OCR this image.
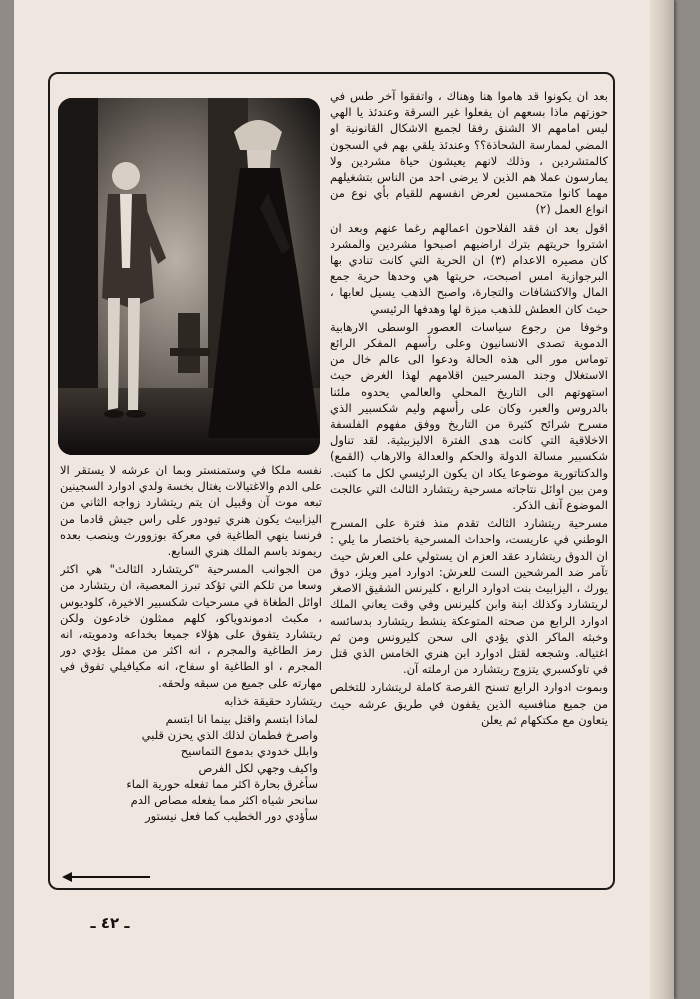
بعد ان يكونوا قد هاموا هنا وهناك ، واتفقوا آخر طس في حوزتهم ماذا بسعهم ان يفعلوا غير السرقة وعندئذ يا الهي ليس امامهم الا الشنق رفقا لجميع الاشكال القانونية او المضي لممارسة الشحاذة؟؟ وعندئذ يلقي بهم في السجون كالمتشردين ، وذلك لانهم يعيشون حياة مشردين ولا يمارسون عملا هم الذين لا يرضى احد من الناس بتشغيلهم مهما كانوا متحمسين لعرض انفسهم للقيام بأي نوع من انواع العمل (٢)

اقول بعد ان فقد الفلاحون اعمالهم رغما عنهم وبعد ان اشتروا حريتهم بترك اراضيهم اصبحوا مشردين والمشرد كان مصيره الاعدام (٣) ان الحرية التي كانت تنادي بها البرجوازية امس اصبحت، حريتها هي وحدها حرية جمع المال والاكتشافات والتجارة، واصبح الذهب يسيل لعابها ، حيث كان العطش للذهب ميزة لها وهدفها الرئيسي

وخوفا من رجوع سياسات العصور الوسطى الارهابية الدموية تصدى الانسانيون وعلى رأسهم المفكر الرائع توماس مور الى هذه الحالة ودعوا الى عالم خال من الاستغلال وجند المسرحيين اقلامهم لهذا الغرض حيث استهوتهم الى التاريخ المحلي والعالمي يحدوه ملئنا بالدروس والعبر، وكان على رأسهم وليم شكسبير الذي مسرح شرائح كثيرة من التاريخ ووفق مفهوم الفلسفة الاخلاقية التي كانت هدى الفترة الاليزبيثية. لقد تناول شكسبير مسالة الدولة والحكم والعدالة والارهاب (القمع) والدكتاتورية موضوعا يكاد ان يكون الرئيسي لكل ما كتبت. ومن بين اوائل نتاجاته مسرحية ريتشارد الثالث التي عالجت الموضوع آنف الذكر.

مسرحية ريتشارد الثالث تقدم منذ فترة على المسرح الوطني في عاريست، واحداث المسرحية باختصار ما يلي : ان الدوق ريتشارد عقد العزم ان يستولي على العرش حيث تآمر ضد المرشحين الست للعرش: ادوارد امير ويلز، دوق يورك ، اليزابيث بنت ادوارد الرابع ، كليرنس الشقيق الاصغر لريتشارد وكذلك ابنة وابن كليرنس وفي وقت يعاني الملك ادوارد الرابع من صحته المتوعكة ينشط ريتشارد بدسائسه وخبثه الماكر الذي يؤدي الى سحن كليرونس ومن ثم اغتياله. وشجعه لقتل ادوارد ابن هنري الخامس الذي قتل في تاوكسبري يتزوج ريتشارد من ارملته آن.

وبموت ادوارد الرابع تسنح الفرصة كاملة لريتشارد للتخلص من جميع منافسيه الذين يقفون في طريق عرشه حيث يتعاون مع مكتكهام ثم يعلن

نفسه ملكا في وستمنستر وبما ان عرشه لا يستقر الا على الدم والاغتيالات يغتال بخسة ولدي ادوارد السجينين تبعه موت آن وقبيل ان يتم ريتشارد زواجه الثاني من اليزابيث يكون هنري تيودور على راس جيش قادما من فرنسا ينهي الطاغية في معركة بوزوورث وينصب بعده ريموند باسم الملك هنري السابع.

من الجوانب المسرحية "كريتشارد الثالث" هي اكثر وسعا من تلكم التي تؤكد تبرز المعصية، ان ريتشارد من اوائل الطغاة في مسرحيات شكسبير الاخيرة، كلوديوس ، مكبث ادموندوياكو، كلهم ممثلون خادعون ولكن ريتشارد يتفوق على هؤلاء جميعا بخداعه ودمويته، انه رمز الطاغية والمجرم ، انه اكثر من ممثل يؤدي دور المجرم ، او الطاغية او سفاح، انه مكيافيلي تفوق في مهارته على جميع من سبقه ولحقه.

ريتشارد حقيقة خذابه

لماذا ابتسم واقتل بينما انا ابتسم
واصرخ فطمان لذلك الذي يحزن قلبي
وابلل خدودي بدموع التماسيح
واكيف وجهي لكل الفرص
سأغرق بحارة اكثر مما تفعله حورية الماء
سانحر شياه اكثر مما يفعله مصاص الدم
سأؤدي دور الخطيب كما فعل نيستور
ـ ٤٢ ـ
